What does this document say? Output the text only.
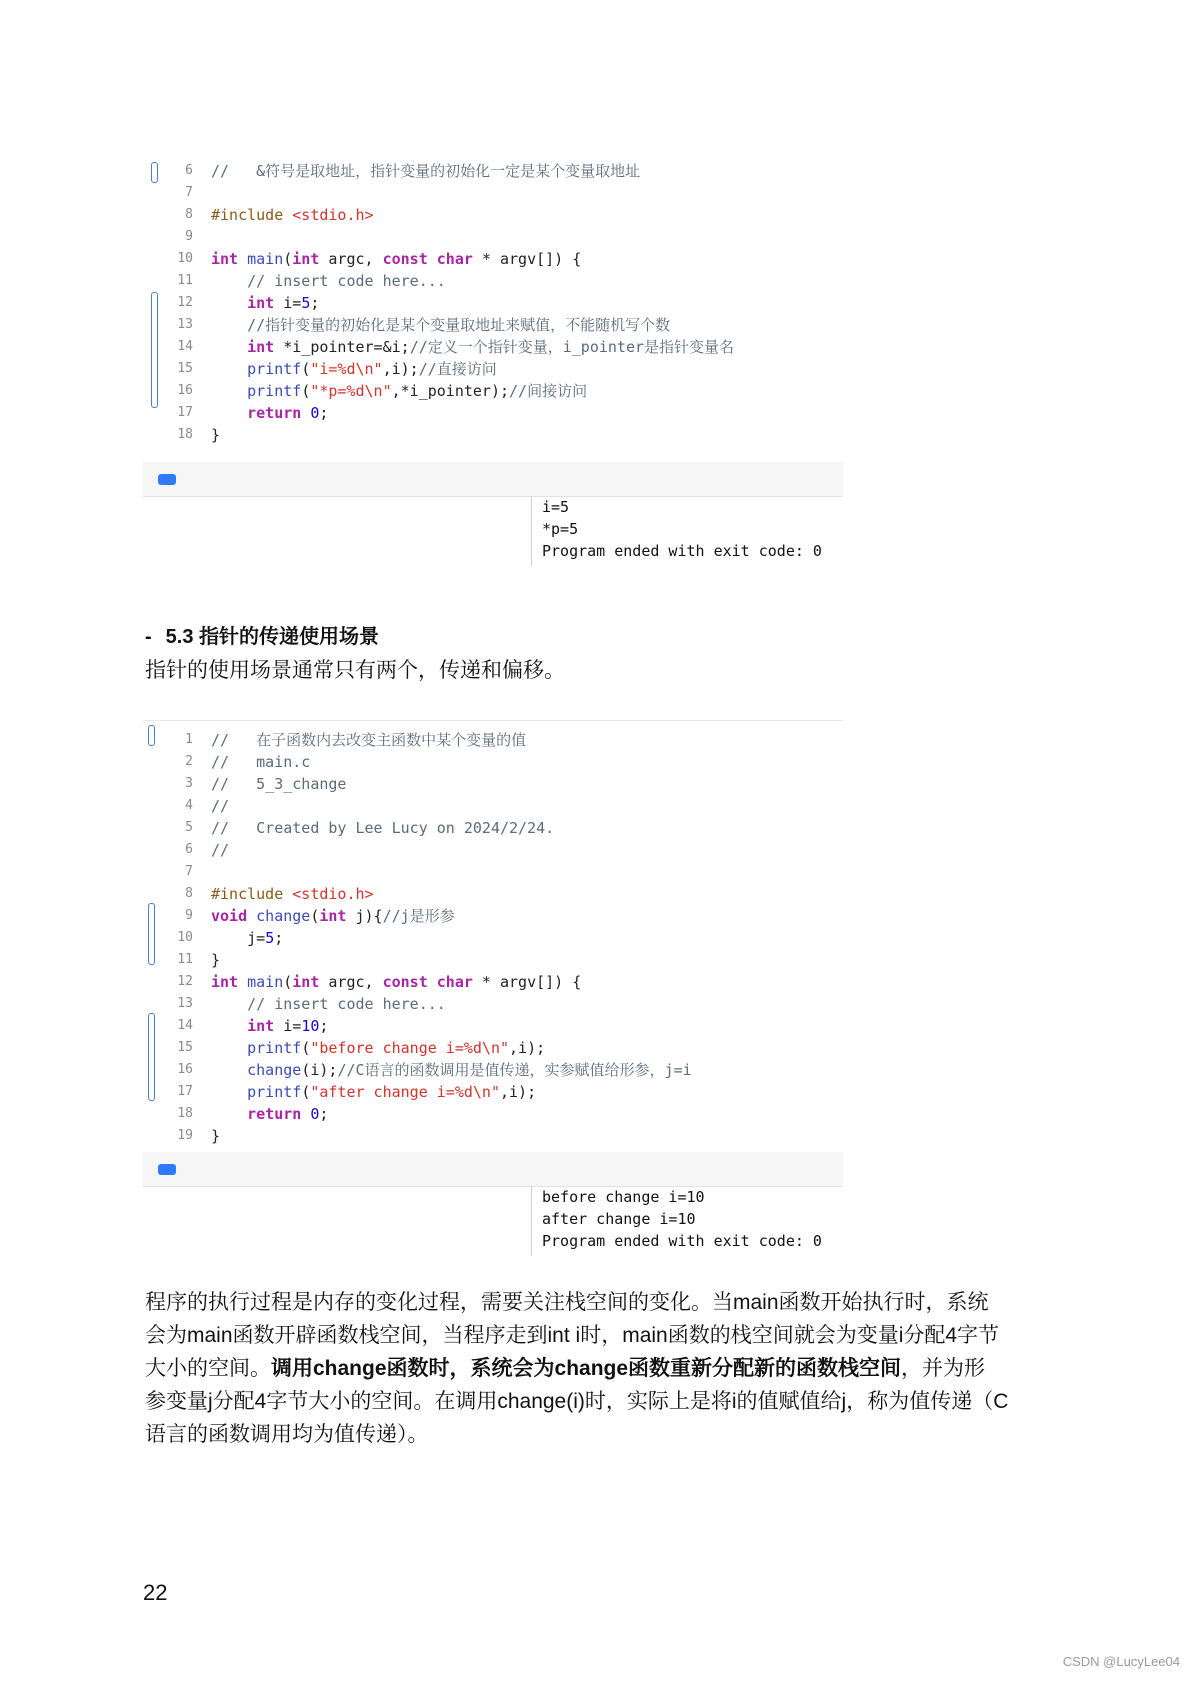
6 //   &符号是取地址，指针变量的初始化一定是某个变量取地址
7
8 #include <stdio.h>
9
10 int main(int argc, const char * argv[]) {
11 // insert code here...
12	int i=5;
13 //指针变量的初始化是某个变量取地址来赋值，不能随机写个数
14	int *i_pointer=&i;//定义一个指针变量，i_pointer是指针变量名
15	printf("i=%d\n",i);//直接访问
16	printf("*p=%d\n",*i_pointer);//间接访问
17	return 0;
18 }
i=5
*p=5
Program ended with exit code: 0
- 5.3 指针的传递使用场景
指针的使用场景通常只有两个，传递和偏移。
1 //   在子函数内去改变主函数中某个变量的值
2 //   main.c
3 //   5_3_change
4 //
5 //   Created by Lee Lucy on 2024/2/24.
6 //
7
8 #include <stdio.h>
9 void change(int j){//j是形参
10 j=5;
11 }
12 int main(int argc, const char * argv[]) {
13 // insert code here...
14	int i=10;
15	printf("before change i=%d\n",i);
16	change(i);//C语言的函数调用是值传递，实参赋值给形参，j=i
17	printf("after change i=%d\n",i);
18	return 0;
19 }
before change i=10
after change i=10
Program ended with exit code: 0
程序的执行过程是内存的变化过程，需要关注栈空间的变化。当main函数开始执行时，系统
会为main函数开辟函数栈空间，当程序走到int i时，main函数的栈空间就会为变量i分配4字节
大小的空间。调用change函数时，系统会为change函数重新分配新的函数栈空间，并为形
参变量j分配4字节大小的空间。在调用change(i)时，实际上是将i的值赋值给j，称为值传递（C
语言的函数调用均为值传递）。
22
CSDN @LucyLee04
